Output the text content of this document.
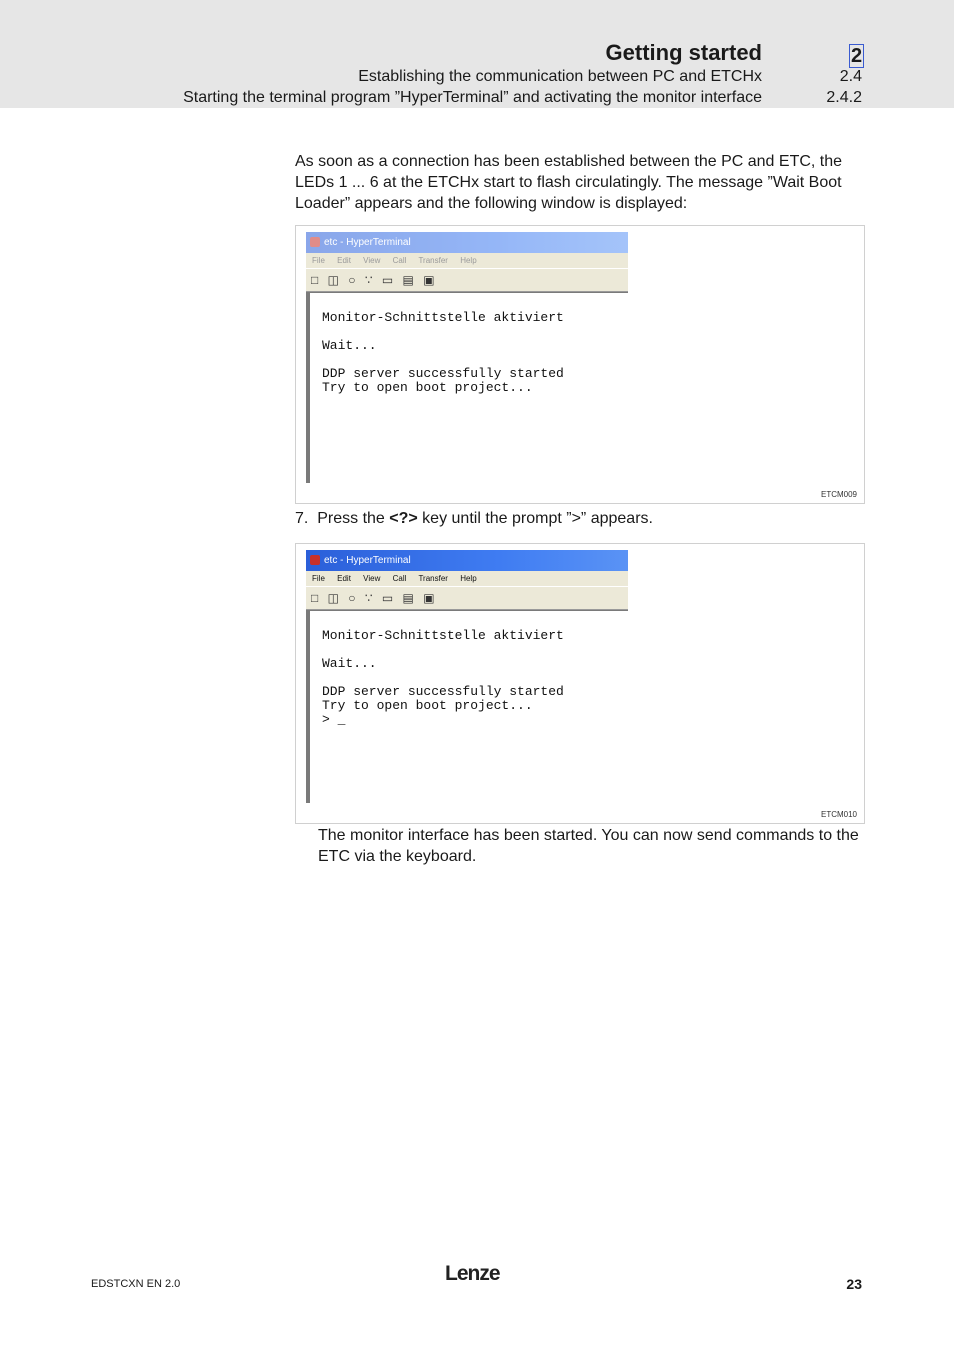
Getting started	2
Establishing the communication between PC and ETCHx	2.4
Starting the terminal program ”HyperTerminal” and activating the monitor interface	2.4.2
As soon as a connection has been established between the PC and ETC, the LEDs 1 ... 6 at the ETCHx start to flash circulatingly. The message ”Wait Boot Loader” appears and the following window is displayed:
etc - HyperTerminal
File Edit View Call Transfer Help
□ ◫ ○ ∵ ▭ ▤ ▣
Monitor-Schnittstelle aktiviert
Wait...
DDP server successfully started
Try to open boot project...
ETCM009
7. Press the <?> key until the prompt ”>” appears.
etc - HyperTerminal
File Edit View Call Transfer Help
□ ◫ ○ ∵ ▭ ▤ ▣
Monitor-Schnittstelle aktiviert
Wait...
DDP server successfully started
Try to open boot project...
> _
ETCM010
The monitor interface has been started. You can now send commands to the ETC via the keyboard.
EDSTCXN EN 2.0	Lenze	23
